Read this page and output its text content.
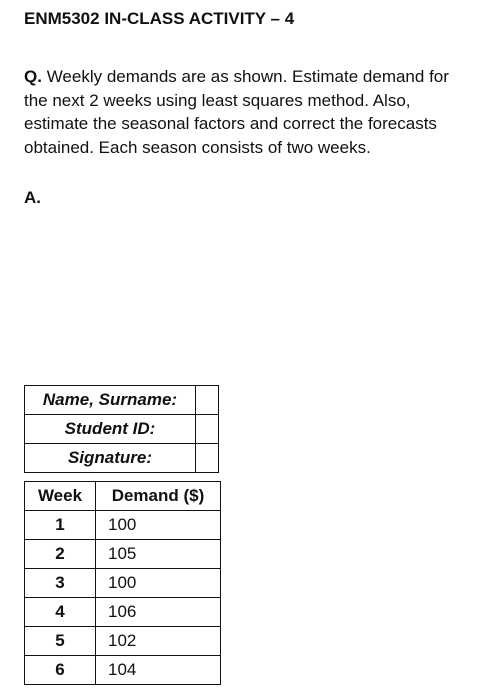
ENM5302 IN-CLASS ACTIVITY – 4
Q. Weekly demands are as shown. Estimate demand for the next 2 weeks using least squares method. Also, estimate the seasonal factors and correct the forecasts obtained. Each season consists of two weeks.
A.
Name, Surname:	
Student ID:	
Signature:	
Week	Demand ($)
1	100
2	105
3	100
4	106
5	102
6	104
